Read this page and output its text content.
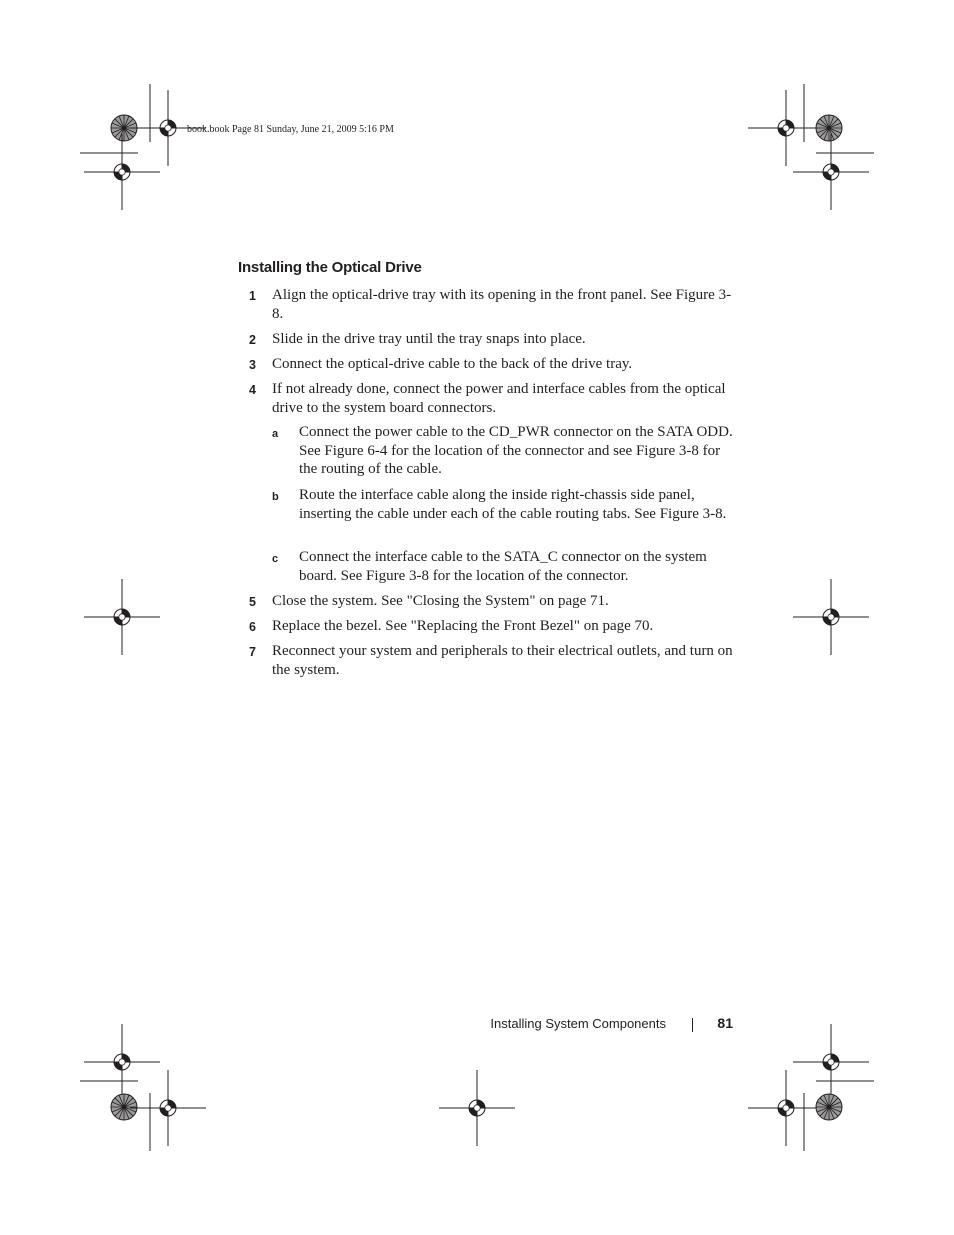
book.book Page 81 Sunday, June 21, 2009 5:16 PM
Installing the Optical Drive
1 Align the optical-drive tray with its opening in the front panel. See Figure 3-8.
2 Slide in the drive tray until the tray snaps into place.
3 Connect the optical-drive cable to the back of the drive tray.
4 If not already done, connect the power and interface cables from the optical drive to the system board connectors.
a Connect the power cable to the CD_PWR connector on the SATA ODD. See Figure 6-4 for the location of the connector and see Figure 3-8 for the routing of the cable.
b Route the interface cable along the inside right-chassis side panel, inserting the cable under each of the cable routing tabs. See Figure 3-8.
c Connect the interface cable to the SATA_C connector on the system board. See Figure 3-8 for the location of the connector.
5 Close the system. See "Closing the System" on page 71.
6 Replace the bezel. See "Replacing the Front Bezel" on page 70.
7 Reconnect your system and peripherals to their electrical outlets, and turn on the system.
Installing System Components	81
